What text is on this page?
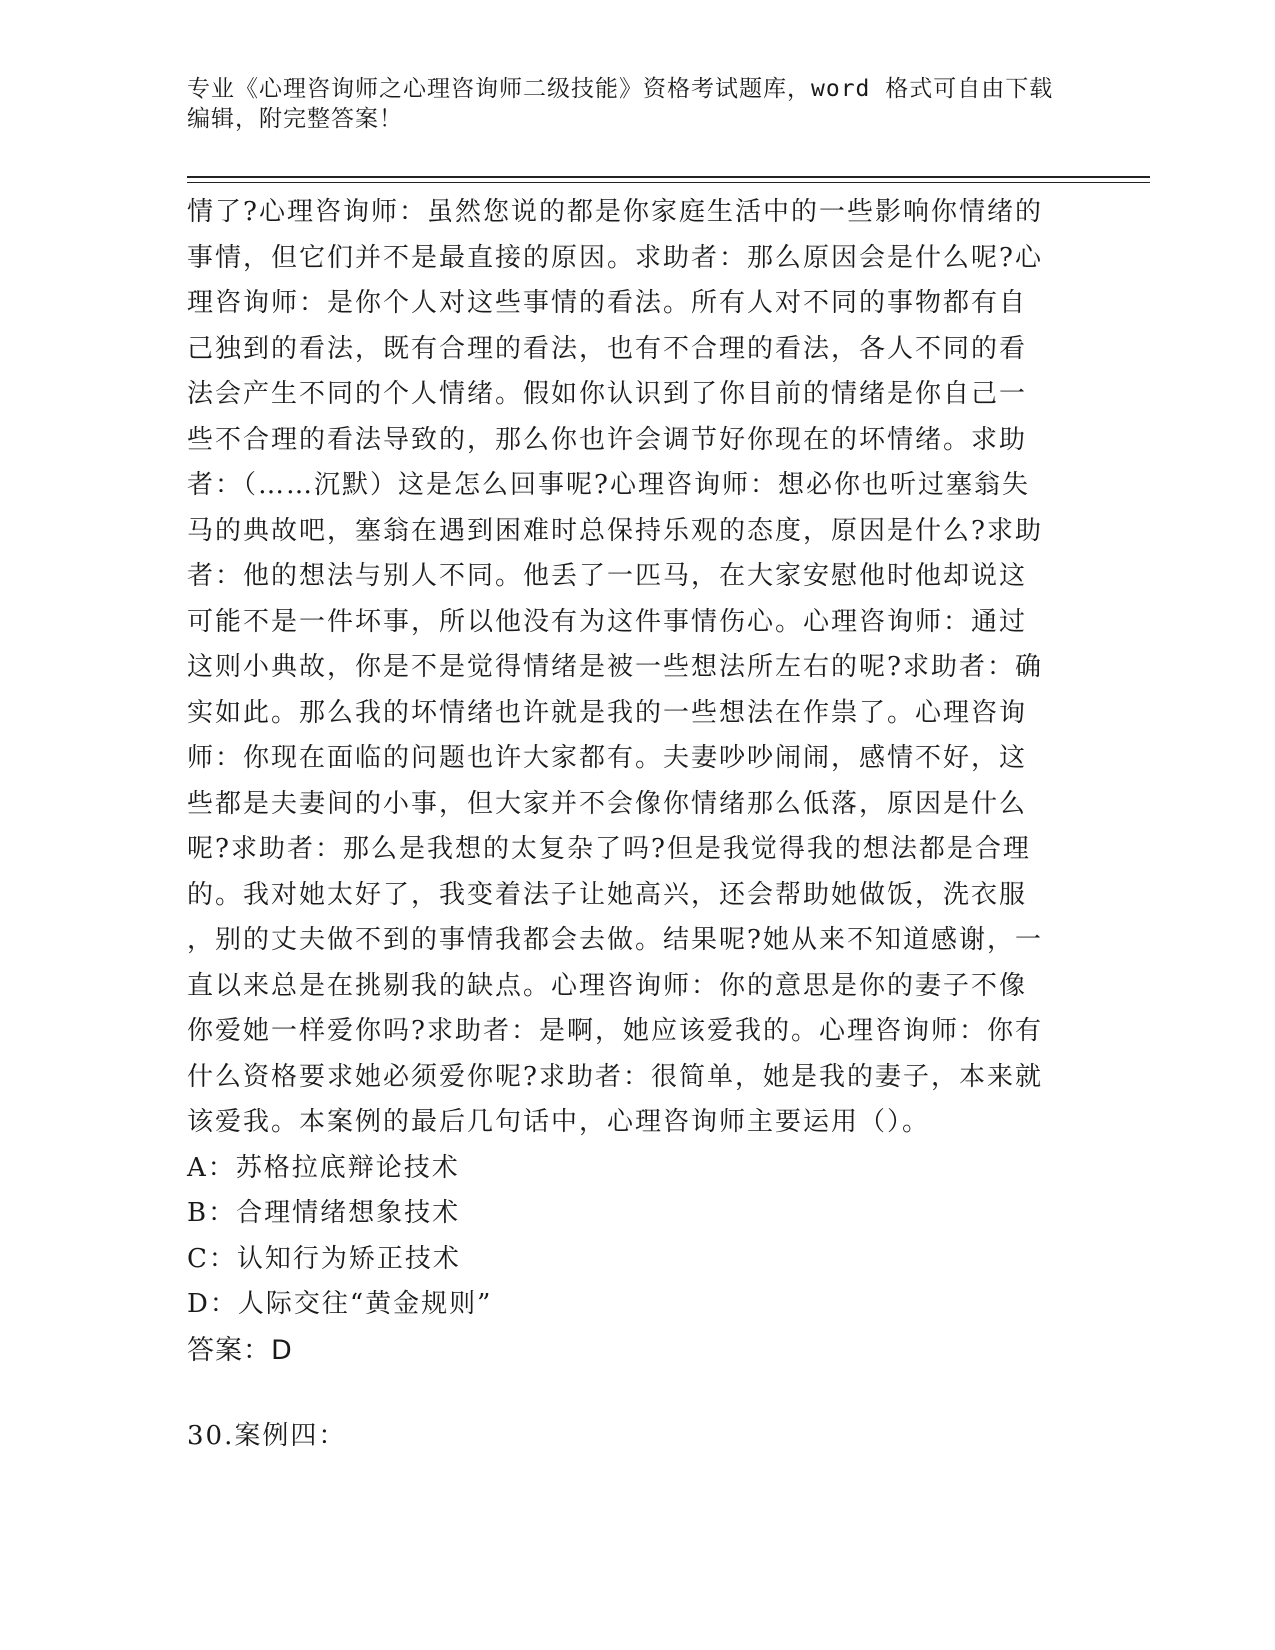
专业《心理咨询师之心理咨询师二级技能》资格考试题库，word 格式可自由下载
编辑，附完整答案！
情了?心理咨询师：虽然您说的都是你家庭生活中的一些影响你情绪的
事情，但它们并不是最直接的原因。求助者：那么原因会是什么呢?心
理咨询师：是你个人对这些事情的看法。所有人对不同的事物都有自
己独到的看法，既有合理的看法，也有不合理的看法，各人不同的看
法会产生不同的个人情绪。假如你认识到了你目前的情绪是你自己一
些不合理的看法导致的，那么你也许会调节好你现在的坏情绪。求助
者：（……沉默）这是怎么回事呢?心理咨询师：想必你也听过塞翁失
马的典故吧，塞翁在遇到困难时总保持乐观的态度，原因是什么?求助
者：他的想法与别人不同。他丢了一匹马，在大家安慰他时他却说这
可能不是一件坏事，所以他没有为这件事情伤心。心理咨询师：通过
这则小典故，你是不是觉得情绪是被一些想法所左右的呢?求助者：确
实如此。那么我的坏情绪也许就是我的一些想法在作祟了。心理咨询
师：你现在面临的问题也许大家都有。夫妻吵吵闹闹，感情不好，这
些都是夫妻间的小事，但大家并不会像你情绪那么低落，原因是什么
呢?求助者：那么是我想的太复杂了吗?但是我觉得我的想法都是合理
的。我对她太好了，我变着法子让她高兴，还会帮助她做饭，洗衣服
，别的丈夫做不到的事情我都会去做。结果呢?她从来不知道感谢，一
直以来总是在挑剔我的缺点。心理咨询师：你的意思是你的妻子不像
你爱她一样爱你吗?求助者：是啊，她应该爱我的。心理咨询师：你有
什么资格要求她必须爱你呢?求助者：很简单，她是我的妻子，本来就
该爱我。本案例的最后几句话中，心理咨询师主要运用（）。
A：苏格拉底辩论技术
B：合理情绪想象技术
C：认知行为矫正技术
D：人际交往“黄金规则”
答案：D
30.案例四：
